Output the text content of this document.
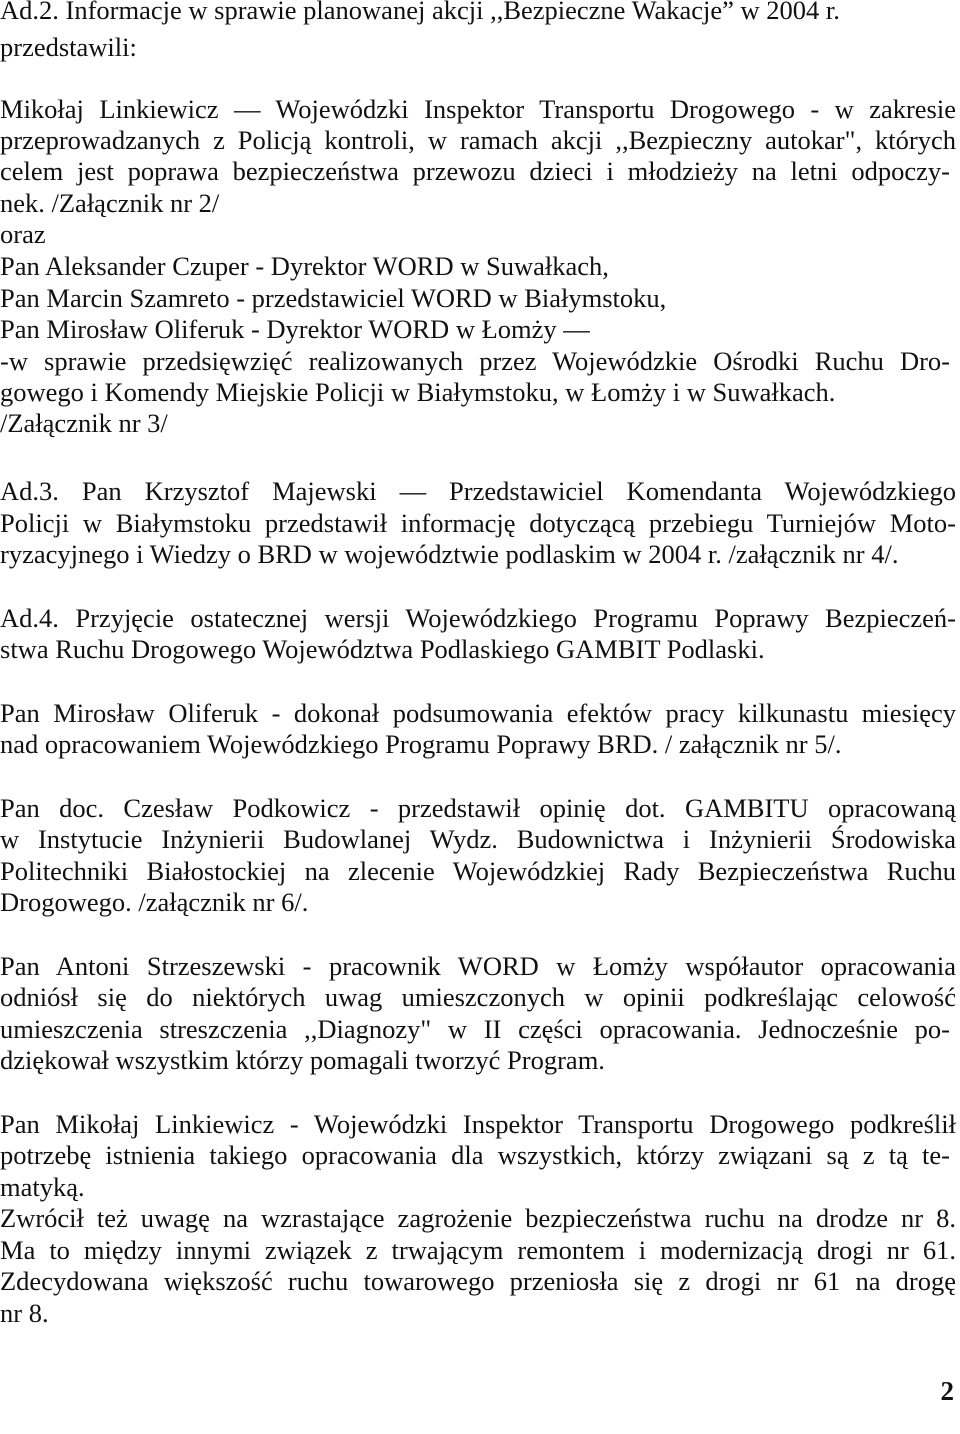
Ad.2. Informacje w sprawie planowanej akcji ,,Bezpieczne Wakacje” w 2004 r.

przedstawili:

Mikołaj Linkiewicz — Wojewódzki Inspektor Transportu Drogowego - w zakresie

przeprowadzanych z Policją kontroli, w ramach akcji ,,Bezpieczny autokar", których

celem jest poprawa bezpieczeństwa przewozu dzieci i młodzieży na letni odpoczy-

nek. /Załącznik nr 2/

oraz

Pan Aleksander Czuper - Dyrektor WORD w Suwałkach,

Pan Marcin Szamreto - przedstawiciel WORD w Białymstoku,

Pan Mirosław Oliferuk - Dyrektor WORD w Łomży —

-w sprawie przedsięwzięć realizowanych przez Wojewódzkie Ośrodki Ruchu Dro-

gowego i Komendy Miejskie Policji w Białymstoku, w Łomży i w Suwałkach.

/Załącznik nr 3/

Ad.3. Pan Krzysztof Majewski — Przedstawiciel Komendanta Wojewódzkiego

Policji w Białymstoku przedstawił informację dotyczącą przebiegu Turniejów Moto-

ryzacyjnego i Wiedzy o BRD w województwie podlaskim w 2004 r. /załącznik nr 4/.

Ad.4. Przyjęcie ostatecznej wersji Wojewódzkiego Programu Poprawy Bezpieczeń-

stwa Ruchu Drogowego Województwa Podlaskiego GAMBIT Podlaski.

Pan Mirosław Oliferuk - dokonał podsumowania efektów pracy kilkunastu miesięcy

nad opracowaniem Wojewódzkiego Programu Poprawy BRD. / załącznik nr 5/.

Pan doc. Czesław Podkowicz - przedstawił opinię dot. GAMBITU opracowaną

w Instytucie Inżynierii Budowlanej Wydz. Budownictwa i Inżynierii Środowiska

Politechniki Białostockiej na zlecenie Wojewódzkiej Rady Bezpieczeństwa Ruchu

Drogowego. /załącznik nr 6/.

Pan Antoni Strzeszewski - pracownik WORD w Łomży współautor opracowania

odniósł się do niektórych uwag umieszczonych w opinii podkreślając celowość

umieszczenia streszczenia ,,Diagnozy" w II części opracowania. Jednocześnie po-

dziękował wszystkim którzy pomagali tworzyć Program.

Pan Mikołaj Linkiewicz - Wojewódzki Inspektor Transportu Drogowego podkreślił

potrzebę istnienia takiego opracowania dla wszystkich, którzy związani są z tą te-

matyką.

Zwrócił też uwagę na wzrastające zagrożenie bezpieczeństwa ruchu na drodze nr 8.

Ma to między innymi związek z trwającym remontem i modernizacją drogi nr 61.

Zdecydowana większość ruchu towarowego przeniosła się z drogi nr 61 na drogę

nr 8.

2
